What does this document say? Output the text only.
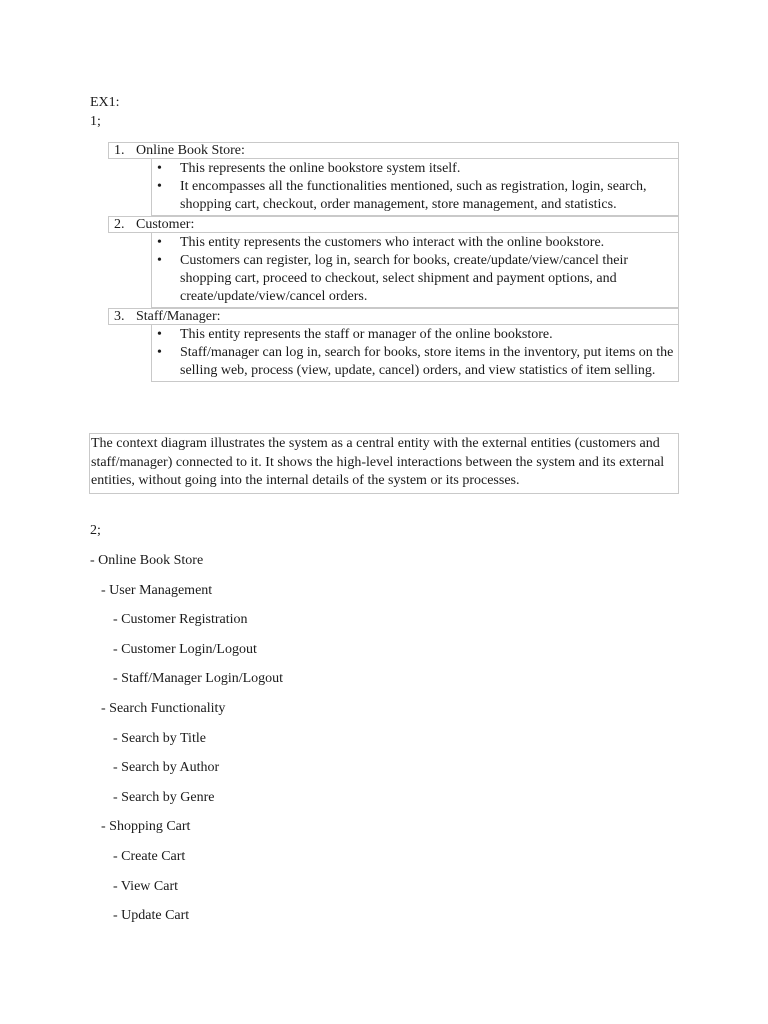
EX1:
1;
1. Online Book Store:
• This represents the online bookstore system itself.
• It encompasses all the functionalities mentioned, such as registration, login, search, shopping cart, checkout, order management, store management, and statistics.
2. Customer:
• This entity represents the customers who interact with the online bookstore.
• Customers can register, log in, search for books, create/update/view/cancel their shopping cart, proceed to checkout, select shipment and payment options, and create/update/view/cancel orders.
3. Staff/Manager:
• This entity represents the staff or manager of the online bookstore.
• Staff/manager can log in, search for books, store items in the inventory, put items on the selling web, process (view, update, cancel) orders, and view statistics of item selling.
The context diagram illustrates the system as a central entity with the external entities (customers and staff/manager) connected to it. It shows the high-level interactions between the system and its external entities, without going into the internal details of the system or its processes.
2;
- Online Book Store
- User Management
- Customer Registration
- Customer Login/Logout
- Staff/Manager Login/Logout
- Search Functionality
- Search by Title
- Search by Author
- Search by Genre
- Shopping Cart
- Create Cart
- View Cart
- Update Cart
